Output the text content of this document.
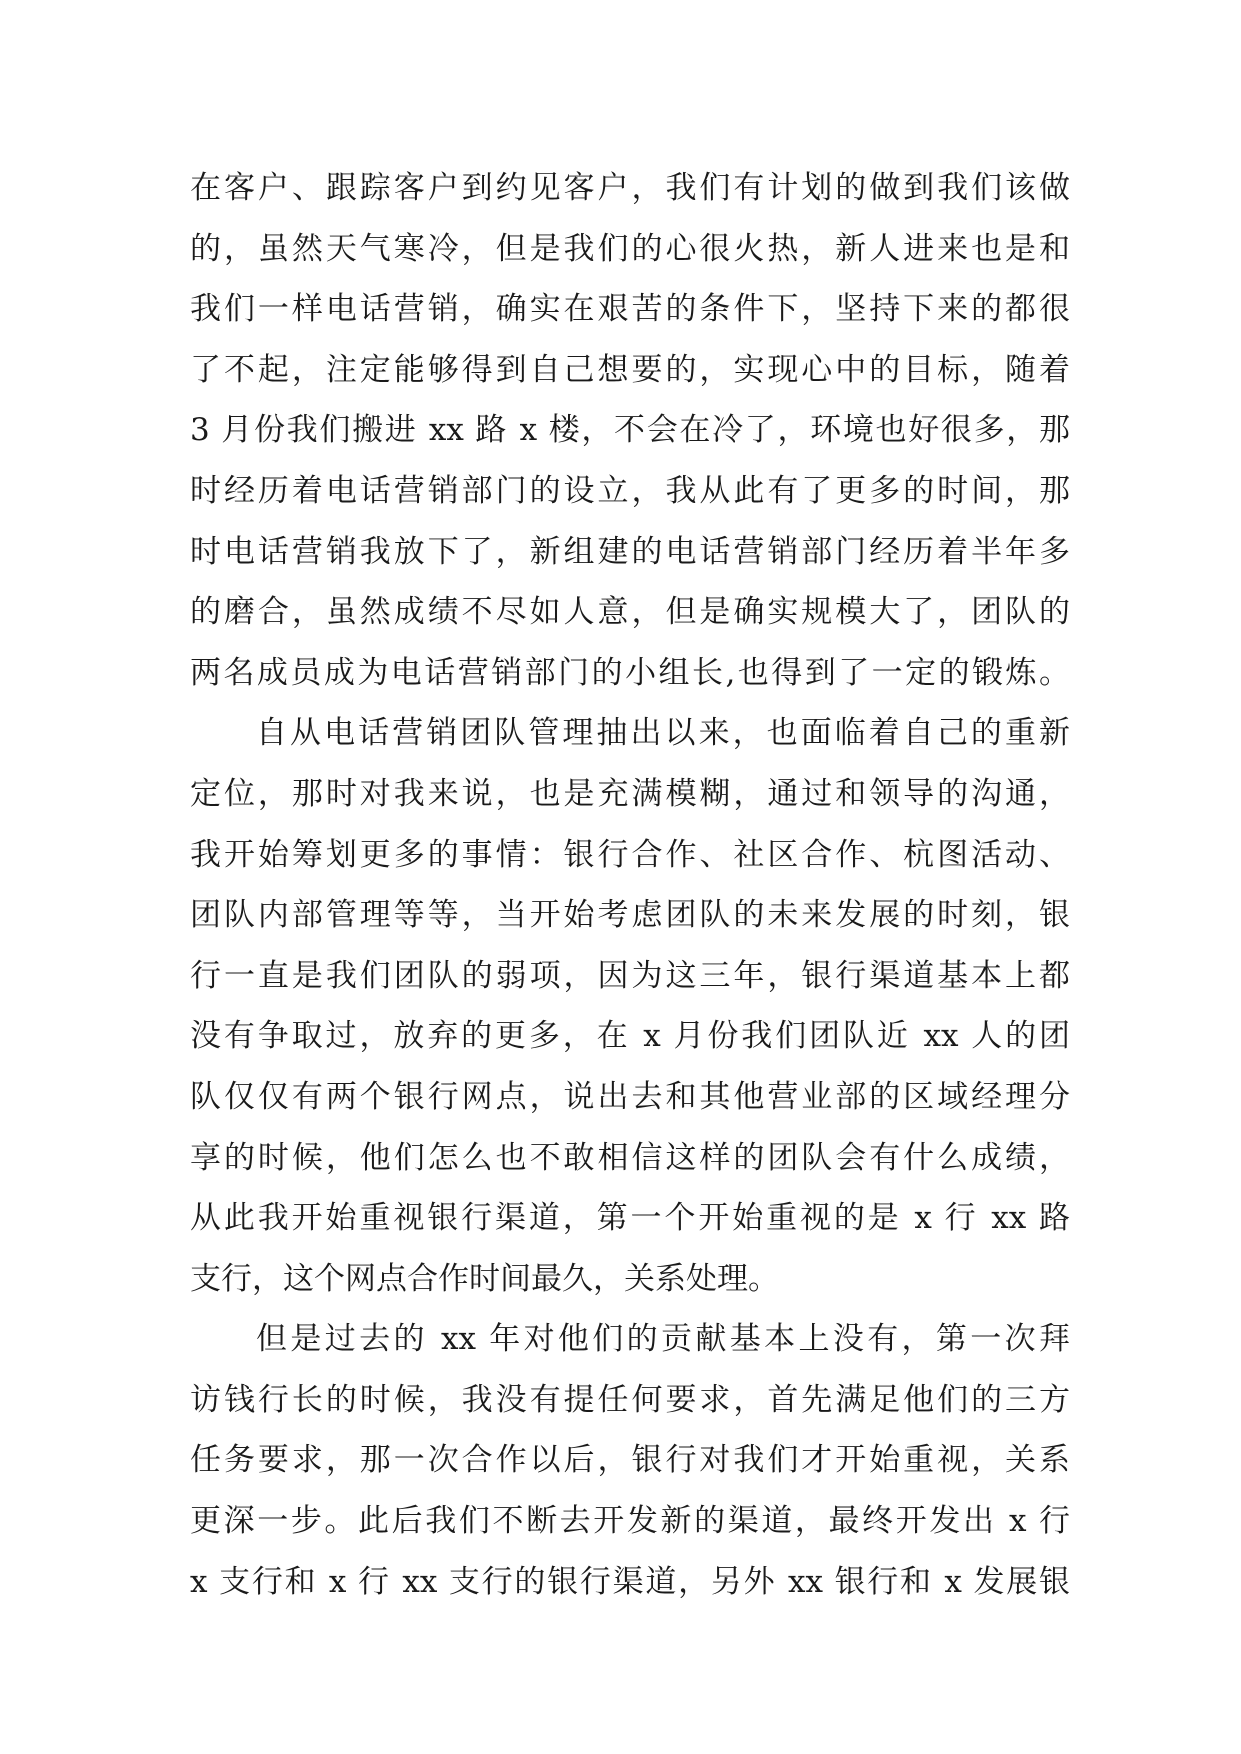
在客户、跟踪客户到约见客户，我们有计划的做到我们该做
的，虽然天气寒冷，但是我们的心很火热，新人进来也是和
我们一样电话营销，确实在艰苦的条件下，坚持下来的都很
了不起，注定能够得到自己想要的，实现心中的目标，随着
3 月份我们搬进 xx 路 x 楼，不会在冷了，环境也好很多，那
时经历着电话营销部门的设立，我从此有了更多的时间，那
时电话营销我放下了，新组建的电话营销部门经历着半年多
的磨合，虽然成绩不尽如人意，但是确实规模大了，团队的
两名成员成为电话营销部门的小组长,也得到了一定的锻炼。
自从电话营销团队管理抽出以来，也面临着自己的重新
定位，那时对我来说，也是充满模糊，通过和领导的沟通，
我开始筹划更多的事情：银行合作、社区合作、杭图活动、
团队内部管理等等，当开始考虑团队的未来发展的时刻，银
行一直是我们团队的弱项，因为这三年，银行渠道基本上都
没有争取过，放弃的更多，在 x 月份我们团队近 xx 人的团
队仅仅有两个银行网点，说出去和其他营业部的区域经理分
享的时候，他们怎么也不敢相信这样的团队会有什么成绩，
从此我开始重视银行渠道，第一个开始重视的是 x 行 xx 路
支行，这个网点合作时间最久，关系处理。
但是过去的 xx 年对他们的贡献基本上没有，第一次拜
访钱行长的时候，我没有提任何要求，首先满足他们的三方
任务要求，那一次合作以后，银行对我们才开始重视，关系
更深一步。此后我们不断去开发新的渠道，最终开发出 x 行
x 支行和 x 行 xx 支行的银行渠道，另外 xx 银行和 x 发展银
